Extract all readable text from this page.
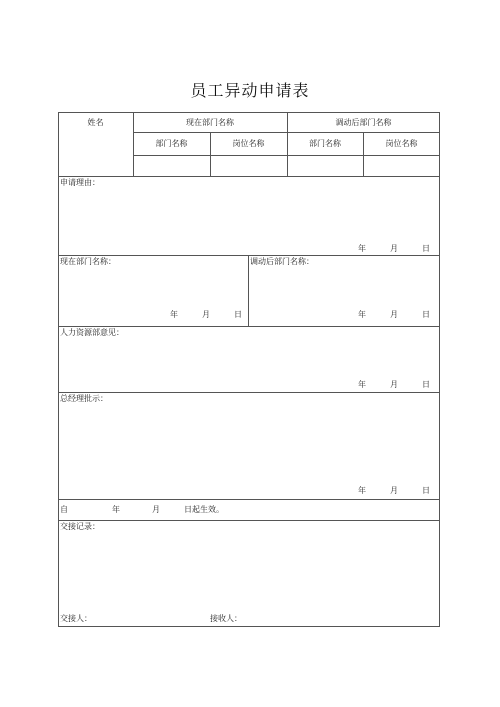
员工异动申请表
姓名	现在部门名称	调动后部门名称
部门名称	岗位名称	部门名称	岗位名称
申请理由：
年	月	日
现在部门名称：	调动后部门名称：
年	月	日	年	月	日
人力资源部意见：
年	月	日
总经理批示：
年	月	日
自	年	月	日起生效。
交接记录：
交接人：	接收人：
